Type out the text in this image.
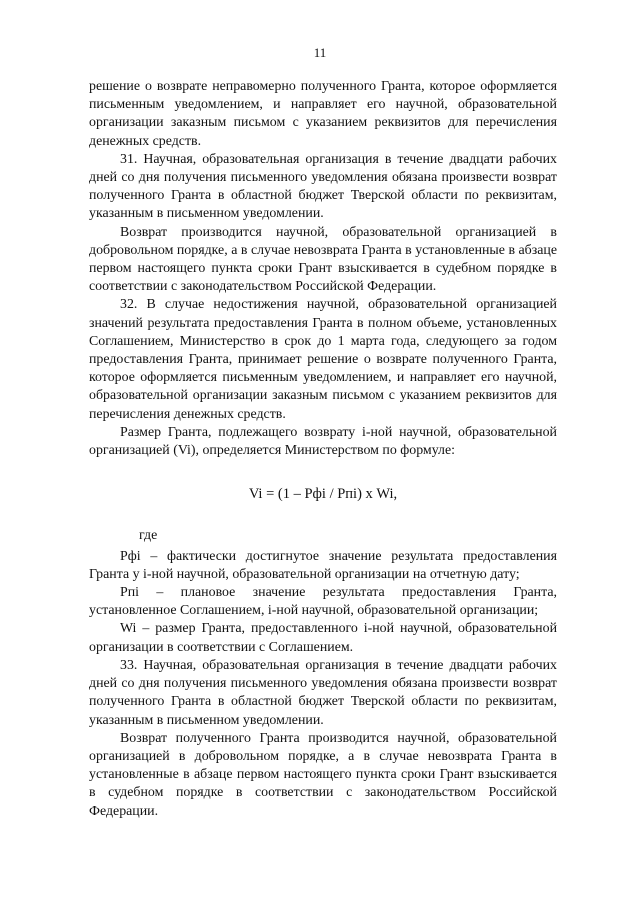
11

решение о возврате неправомерно полученного Гранта, которое оформляется письменным уведомлением, и направляет его научной, образовательной организации заказным письмом с указанием реквизитов для перечисления денежных средств.

31. Научная, образовательная организация в течение двадцати рабочих дней со дня получения письменного уведомления обязана произвести возврат полученного Гранта в областной бюджет Тверской области по реквизитам, указанным в письменном уведомлении.

Возврат производится научной, образовательной организацией в добровольном порядке, а в случае невозврата Гранта в установленные в абзаце первом настоящего пункта сроки Грант взыскивается в судебном порядке в соответствии с законодательством Российской Федерации.

32. В случае недостижения научной, образовательной организацией значений результата предоставления Гранта в полном объеме, установленных Соглашением, Министерство в срок до 1 марта года, следующего за годом предоставления Гранта, принимает решение о возврате полученного Гранта, которое оформляется письменным уведомлением, и направляет его научной, образовательной организации заказным письмом с указанием реквизитов для перечисления денежных средств.

Размер Гранта, подлежащего возврату i-ной научной, образовательной организацией (Vi), определяется Министерством по формуле:

Vi = (1 – Рфi / Рпi) х Wi,

где

Рфi – фактически достигнутое значение результата предоставления Гранта у i-ной научной, образовательной организации на отчетную дату;

Рпi – плановое значение результата предоставления Гранта, установленное Соглашением, i-ной научной, образовательной организации;

Wi – размер Гранта, предоставленного i-ной научной, образовательной организации в соответствии с Соглашением.

33. Научная, образовательная организация в течение двадцати рабочих дней со дня получения письменного уведомления обязана произвести возврат полученного Гранта в областной бюджет Тверской области по реквизитам, указанным в письменном уведомлении.

Возврат полученного Гранта производится научной, образовательной организацией в добровольном порядке, а в случае невозврата Гранта в установленные в абзаце первом настоящего пункта сроки Грант взыскивается в судебном порядке в соответствии с законодательством Российской Федерации.
